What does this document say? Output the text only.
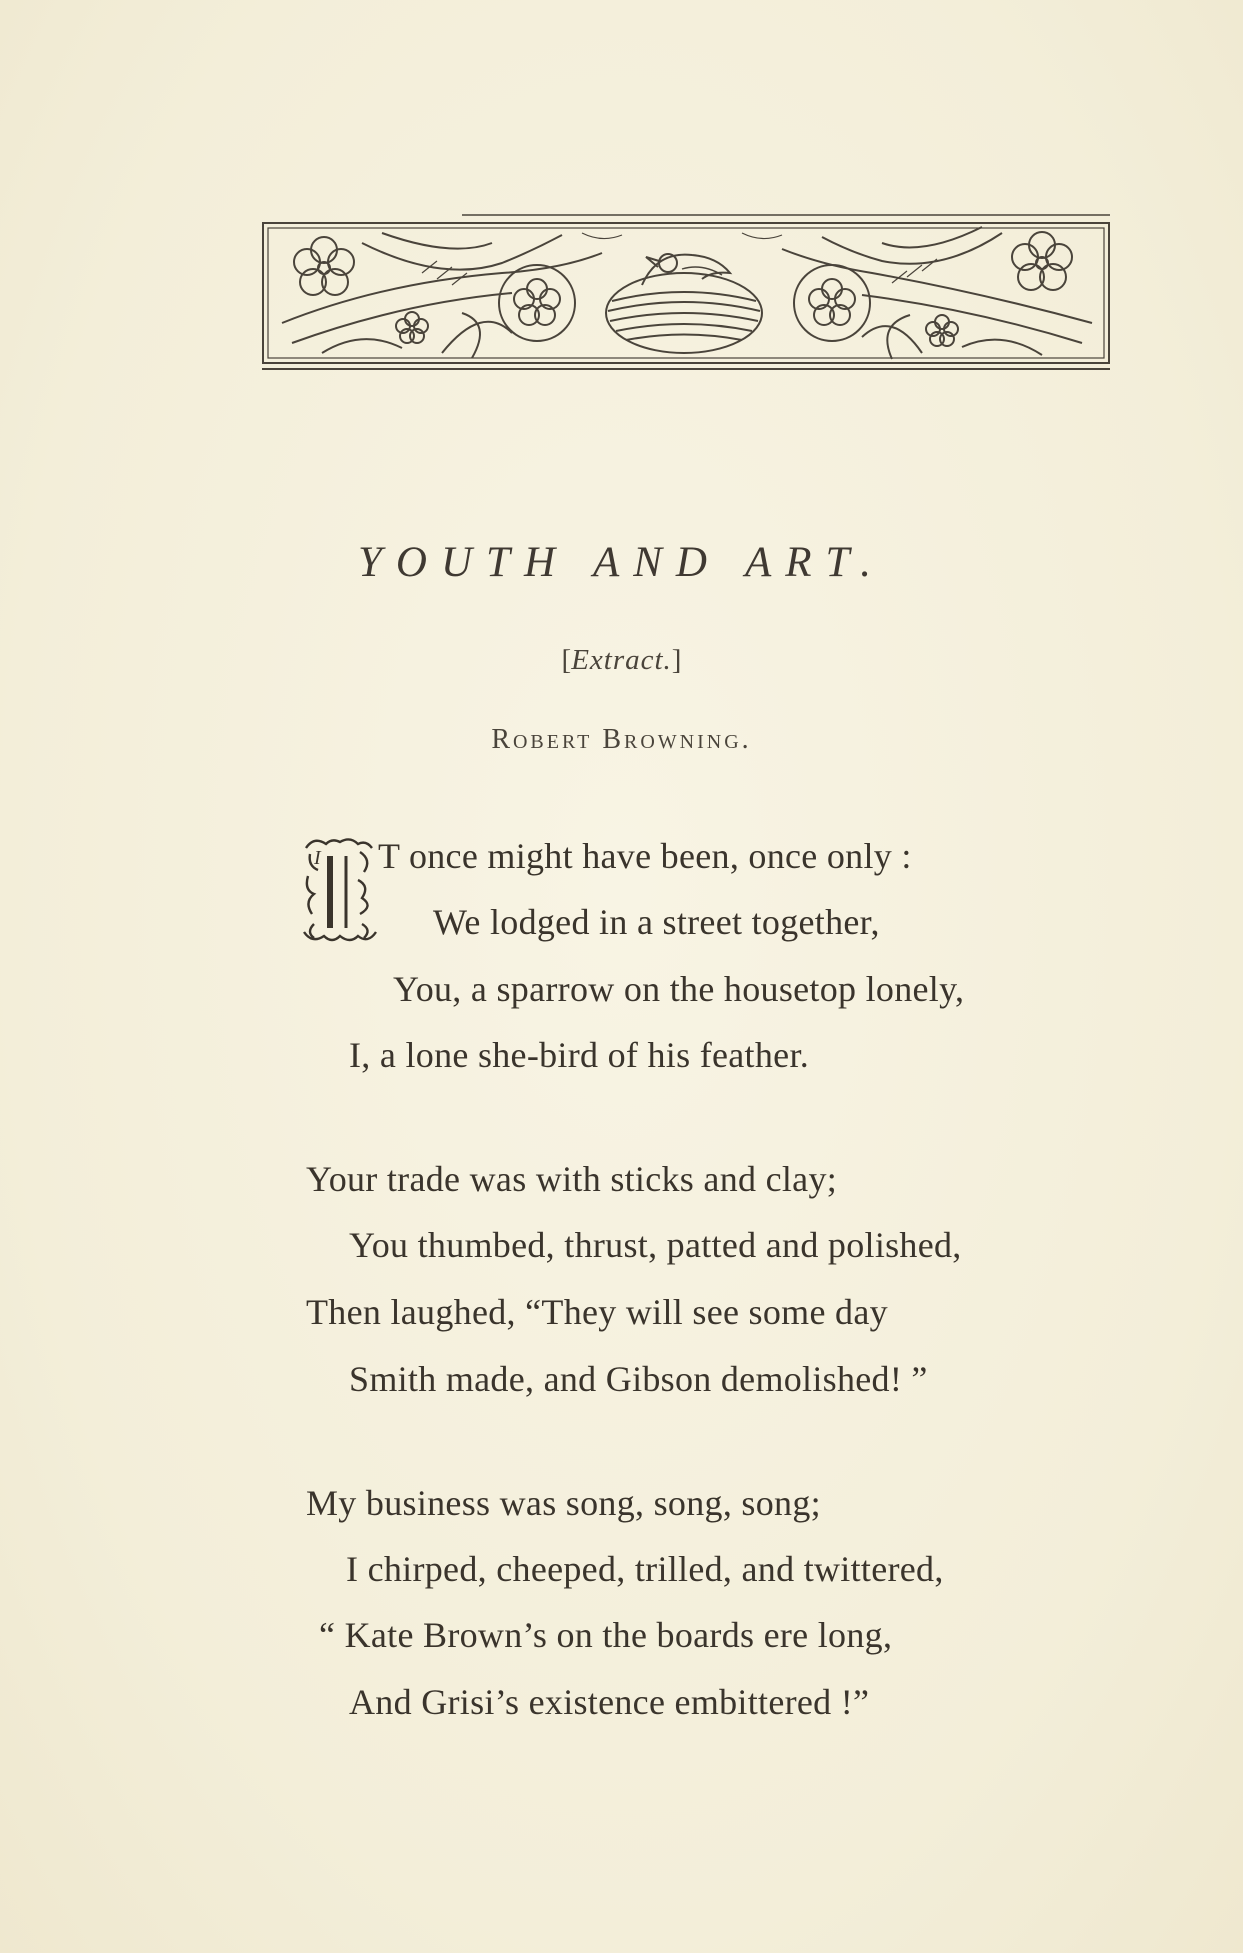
YOUTH AND ART.
[Extract.]
Robert Browning.
I T once might have been, once only :
We lodged in a street together,
You, a sparrow on the housetop lonely,
I, a lone she-bird of his feather.
Your trade was with sticks and clay;
You thumbed, thrust, patted and polished,
Then laughed, “They will see some day
Smith made, and Gibson demolished! ”
My business was song, song, song;
I chirped, cheeped, trilled, and twittered,
“ Kate Brown’s on the boards ere long,
And Grisi’s existence embittered !”
